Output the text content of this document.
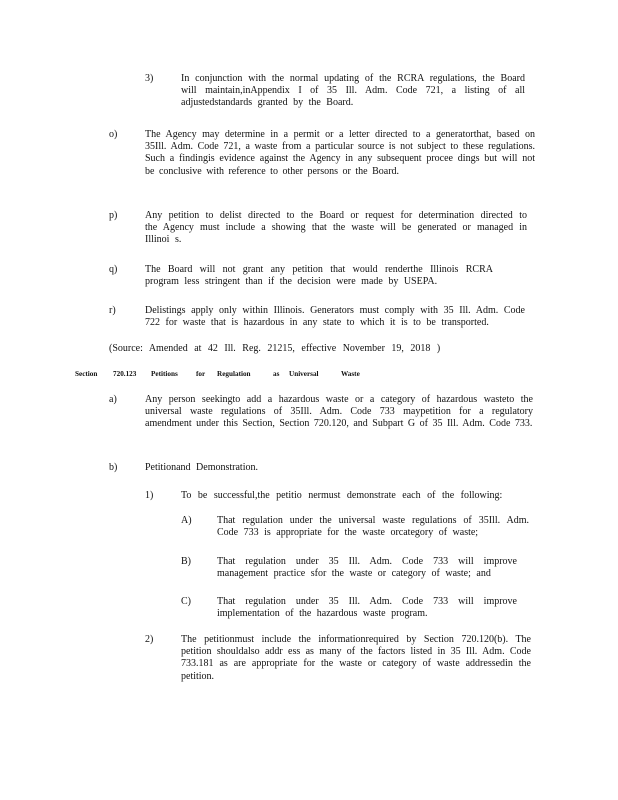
3)	In conjunction with the normal updating of the RCRA regulations, the Board will maintain,inAppendix I of 35 Ill. Adm. Code 721, a listing of all adjustedstandards granted by the Board.

o)	The Agency may determine in a permit or a letter directed to a generatorthat, based on 35Ill. Adm. Code 721, a waste from a particular source is not subject to these regulations. Such a findingis evidence against the Agency in any subsequent procee dings but will not be conclusive with reference to other persons or the Board.

p)	Any petition to delist directed to the Board or request for determination directed to the Agency must include a showing that the waste will be generated or managed in Illinoi s.

q)	The Board will not grant any petition that would renderthe Illinois RCRA program less stringent than if the decision were made by USEPA.

r)	Delistings apply only within Illinois. Generators must comply with 35 Ill. Adm. Code 722 for waste that is hazardous in any state to which it is to be transported.

(Source: Amended at 42 Ill. Reg. 21215, effective November 19, 2018 )

Section 720.123 Petitions	for Regulation	as Universal	Waste
a)	Any person seekingto add a hazardous waste or a category of hazardous wasteto the universal waste regulations of 35Ill. Adm. Code 733 maypetition for a regulatory amendment under this Section, Section 720.120, and Subpart G of 35 Ill. Adm. Code 733.

b)	Petitionand Demonstration.

1)	To be successful,the petitio nermust demonstrate each of the following:

A)	That regulation under the universal waste regulations of 35Ill. Adm. Code 733 is appropriate for the waste orcategory of waste;

B)	That regulation under 35 Ill. Adm. Code 733 will improve management practice sfor the waste or category of waste; and

C)	That regulation under 35 Ill. Adm. Code 733 will improve implementation of the hazardous waste program.

2)	The petitionmust include the informationrequired by Section 720.120(b). The petition shouldalso addr ess as many of the factors listed in 35 Ill. Adm. Code 733.181 as are appropriate for the waste or category of waste addressedin the petition.
